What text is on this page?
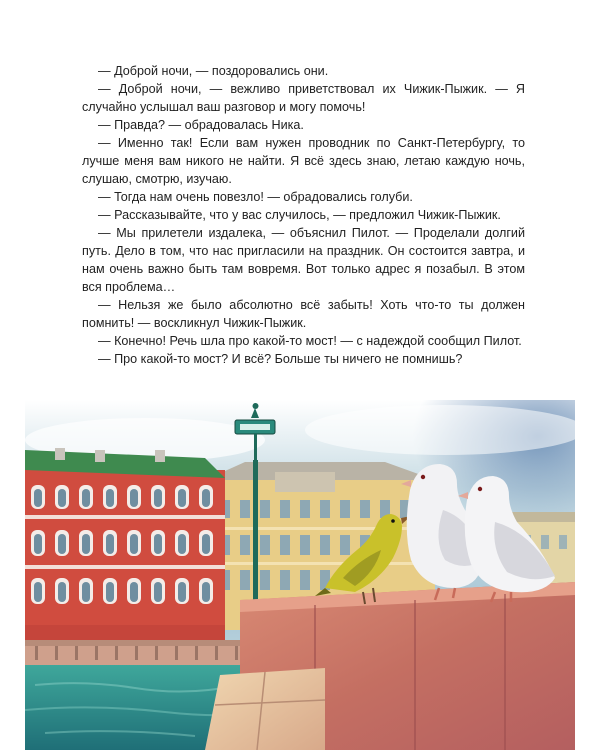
— Доброй ночи, — поздоровались они.

— Доброй ночи, — вежливо приветствовал их Чижик-Пыжик. — Я случайно услышал ваш разговор и могу помочь!

— Правда? — обрадовалась Ника.

— Именно так! Если вам нужен проводник по Санкт-Петербургу, то лучше меня вам никого не найти. Я всё здесь знаю, летаю каждую ночь, слушаю, смотрю, изучаю.

— Тогда нам очень повезло! — обрадовались голуби.

— Рассказывайте, что у вас случилось, — предложил Чижик-Пыжик.

— Мы прилетели издалека, — объяснил Пилот. — Проделали долгий путь. Дело в том, что нас пригласили на праздник. Он состоится завтра, и нам очень важно быть там вовремя. Вот только адрес я позабыл. В этом вся проблема…

— Нельзя же было абсолютно всё забыть! Хоть что-то ты должен помнить! — воскликнул Чижик-Пыжик.

— Конечно! Речь шла про какой-то мост! — с надеждой сообщил Пилот.

— Про какой-то мост? И всё? Больше ты ничего не помнишь?
